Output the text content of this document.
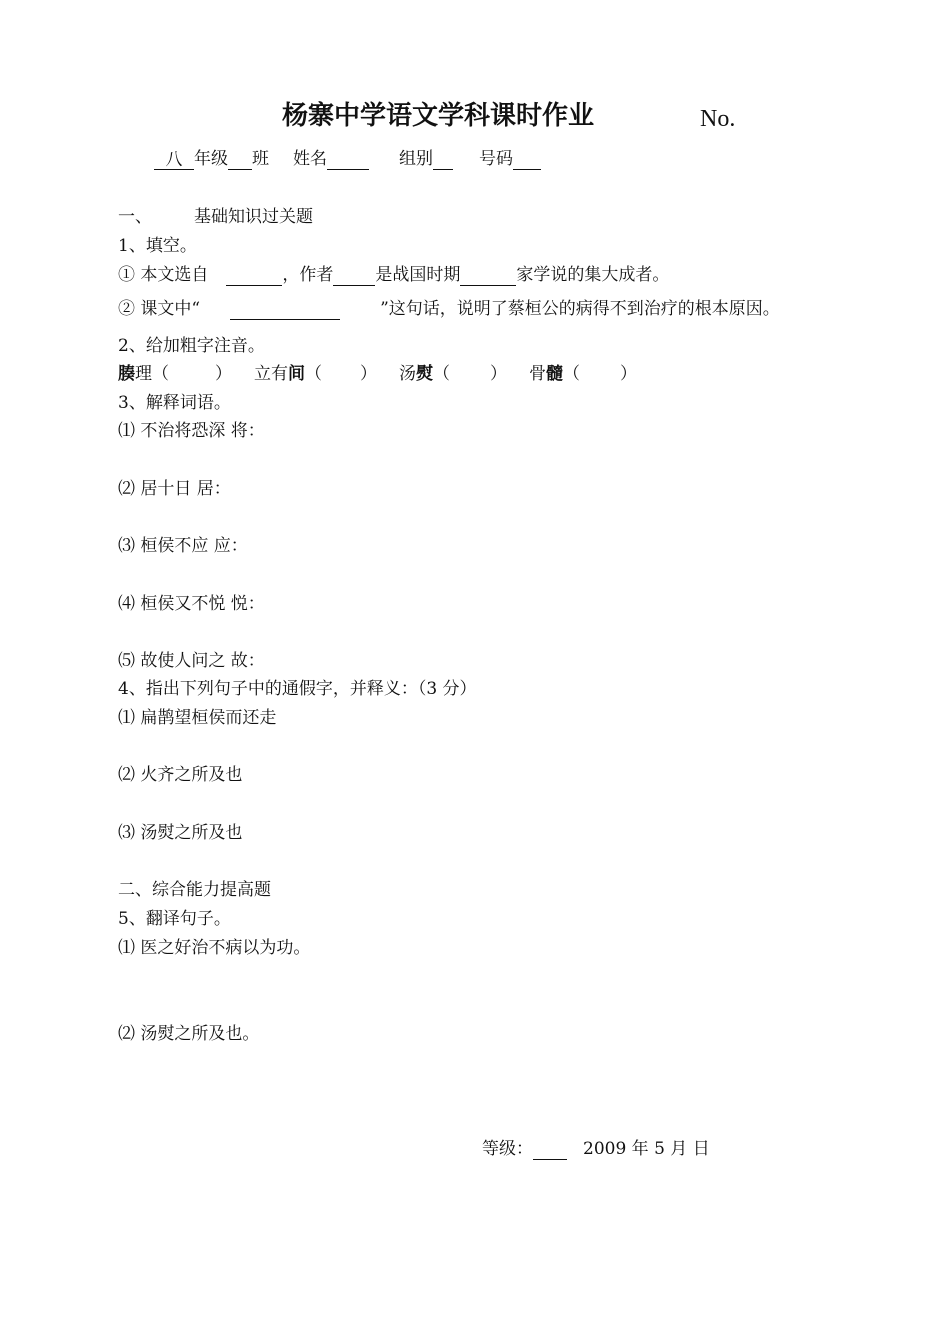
杨寨中学语文学科课时作业	No.
八 年级 班 姓名	组别	号码
一、 基础知识过关题
1、填空。
① 本文选自	，作者 是战国时期	家学说的集大成者。
② 课文中“	”这句话，说明了蔡桓公的病得不到治疗的根本原因。
2、给加粗字注音。
腠理（	） 立有间（ ） 汤熨（ ） 骨髓（ ）
3、解释词语。
⑴ 不治将恐深 将：
⑵ 居十日 居：
⑶ 桓侯不应 应：
⑷ 桓侯又不悦 悦：
⑸ 故使人问之 故：
4、指出下列句子中的通假字，并释义：（3 分）
⑴ 扁鹊望桓侯而还走
⑵ 火齐之所及也
⑶ 汤熨之所及也
二、综合能力提高题
5、翻译句子。
⑴ 医之好治不病以为功。
⑵ 汤熨之所及也。
等级：	2009 年 5 月 日
